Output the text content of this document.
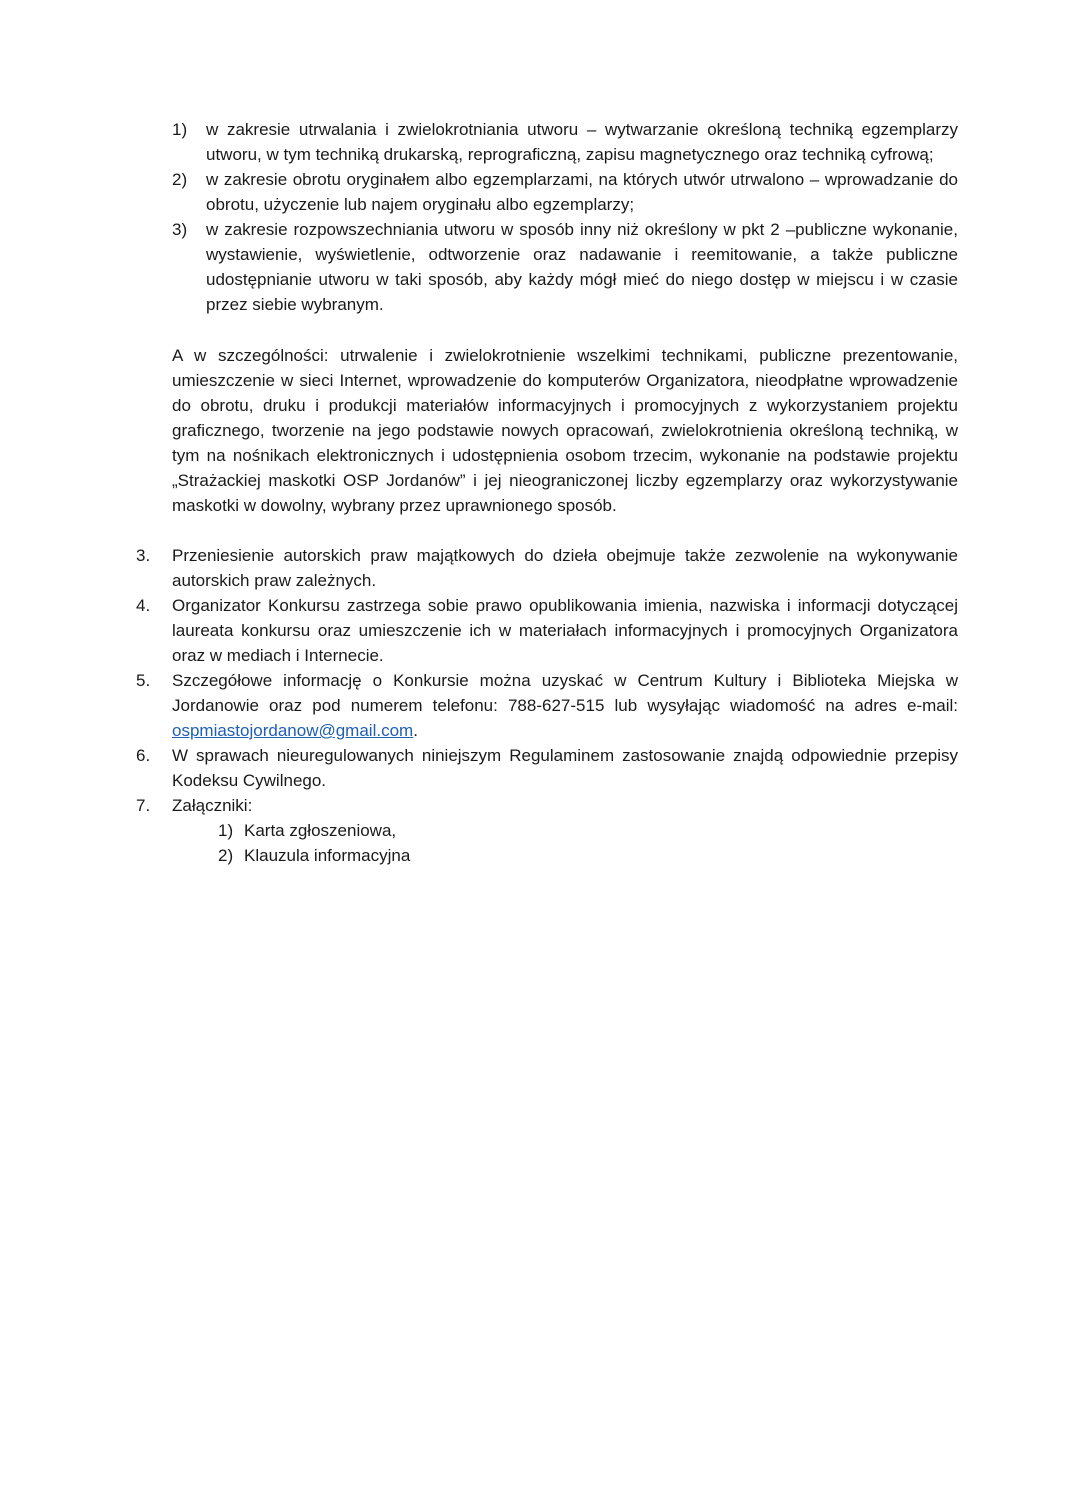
1) w zakresie utrwalania i zwielokrotniania utworu – wytwarzanie określoną techniką egzemplarzy utworu, w tym techniką drukarską, reprograficzną, zapisu magnetycznego oraz techniką cyfrową;
2) w zakresie obrotu oryginałem albo egzemplarzami, na których utwór utrwalono – wprowadzanie do obrotu, użyczenie lub najem oryginału albo egzemplarzy;
3) w zakresie rozpowszechniania utworu w sposób inny niż określony w pkt 2 –publiczne wykonanie, wystawienie, wyświetlenie, odtworzenie oraz nadawanie i reemitowanie, a także publiczne udostępnianie utworu w taki sposób, aby każdy mógł mieć do niego dostęp w miejscu i w czasie przez siebie wybranym.
A w szczególności: utrwalenie i zwielokrotnienie wszelkimi technikami, publiczne prezentowanie, umieszczenie w sieci Internet, wprowadzenie do komputerów Organizatora, nieodpłatne wprowadzenie do obrotu, druku i produkcji materiałów informacyjnych i promocyjnych z wykorzystaniem projektu graficznego, tworzenie na jego podstawie nowych opracowań, zwielokrotnienia określoną techniką, w tym na nośnikach elektronicznych i udostępnienia osobom trzecim, wykonanie na podstawie projektu „Strażackiej maskotki OSP Jordanów” i jej nieograniczonej liczby egzemplarzy oraz wykorzystywanie maskotki w dowolny, wybrany przez uprawnionego sposób.
3. Przeniesienie autorskich praw majątkowych do dzieła obejmuje także zezwolenie na wykonywanie autorskich praw zależnych.
4. Organizator Konkursu zastrzega sobie prawo opublikowania imienia, nazwiska i informacji dotyczącej laureata konkursu oraz umieszczenie ich w materiałach informacyjnych i promocyjnych Organizatora oraz w mediach i Internecie.
5. Szczegółowe informację o Konkursie można uzyskać w Centrum Kultury i Biblioteka Miejska w Jordanowie oraz pod numerem telefonu: 788-627-515 lub wysyłając wiadomość na adres e-mail: ospmiastojordanow@gmail.com.
6. W sprawach nieuregulowanych niniejszym Regulaminem zastosowanie znajdą odpowiednie przepisy Kodeksu Cywilnego.
7. Załączniki:
1) Karta zgłoszeniowa,
2) Klauzula informacyjna
